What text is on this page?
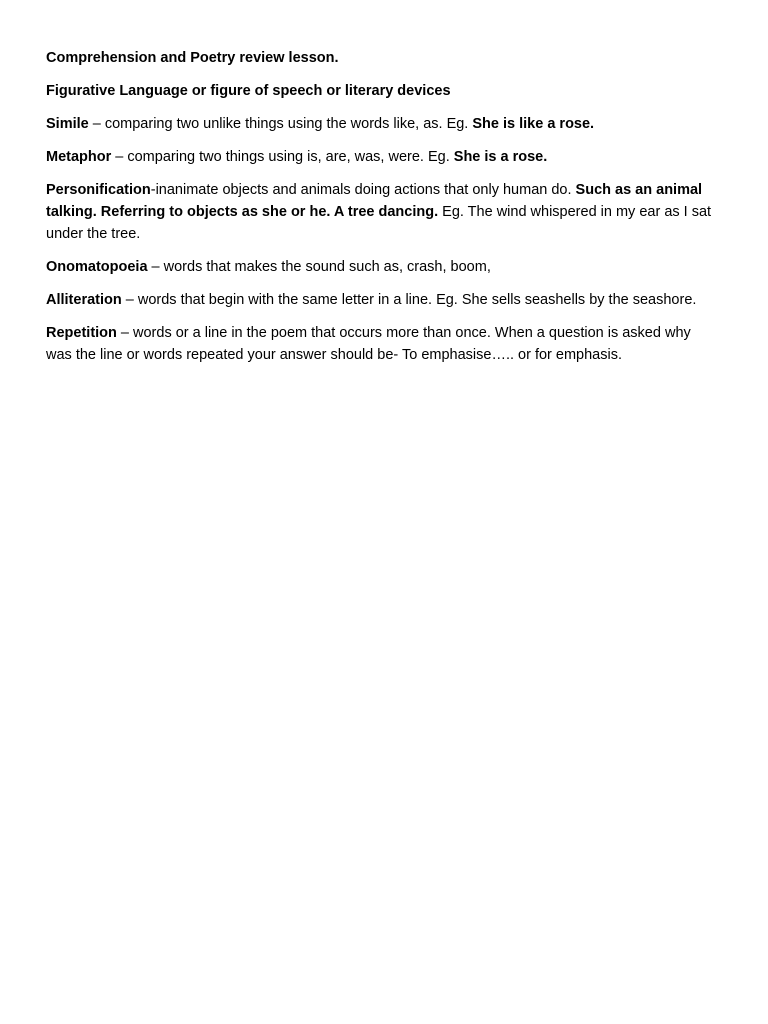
Comprehension and Poetry review lesson.

Figurative Language or figure of speech or literary devices

Simile – comparing two unlike things using the words like, as. Eg. She is like a rose.

Metaphor – comparing two things using is, are, was, were. Eg. She is a rose.

Personification-inanimate objects and animals doing actions that only human do. Such as an animal talking. Referring to objects as she or he. A tree dancing. Eg. The wind whispered in my ear as I sat under the tree.

Onomatopoeia – words that makes the sound such as, crash, boom,

Alliteration – words that begin with the same letter in a line. Eg. She sells seashells by the seashore.

Repetition – words or a line in the poem that occurs more than once. When a question is asked why was the line or words repeated your answer should be- To emphasise….. or for emphasis.
